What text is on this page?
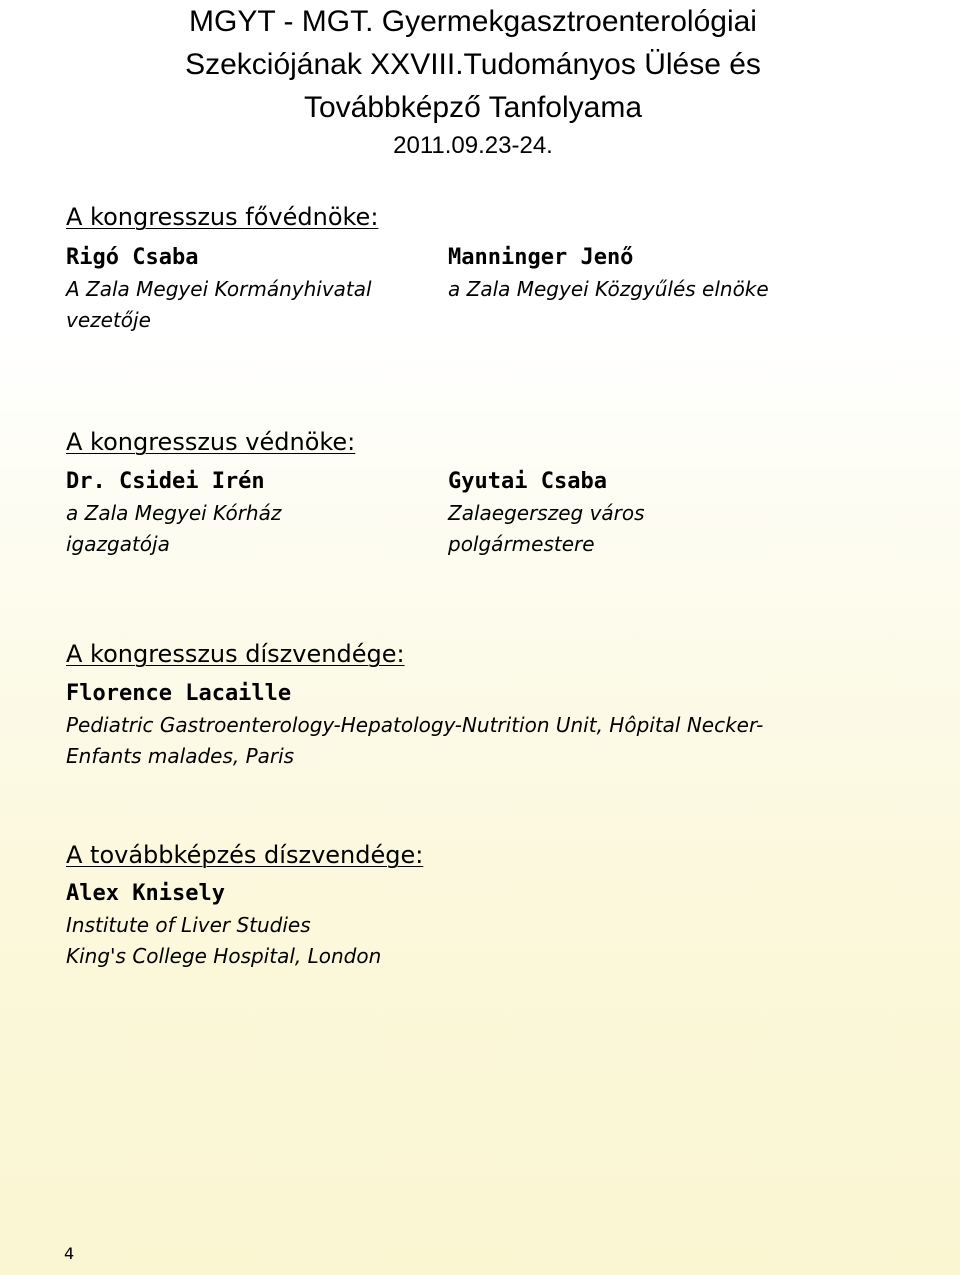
MGYT - MGT. Gyermekgasztroenterológiai
Szekciójának XXVIII.Tudományos Ülése és
Továbbképző Tanfolyama
2011.09.23-24.
A kongresszus fővédnöke:
Rigó Csaba
A Zala Megyei Kormányhivatal
vezetője
Manninger Jenő
a Zala Megyei Közgyűlés elnöke
A kongresszus védnöke:
Dr. Csidei Irén
a Zala Megyei Kórház
igazgatója
Gyutai Csaba
Zalaegerszeg város
polgármestere
A kongresszus díszvendége:
Florence Lacaille
Pediatric Gastroenterology-Hepatology-Nutrition Unit, Hôpital Necker-
Enfants malades, Paris
A továbbképzés díszvendége:
Alex Knisely
Institute of Liver Studies
King's College Hospital, London
4
